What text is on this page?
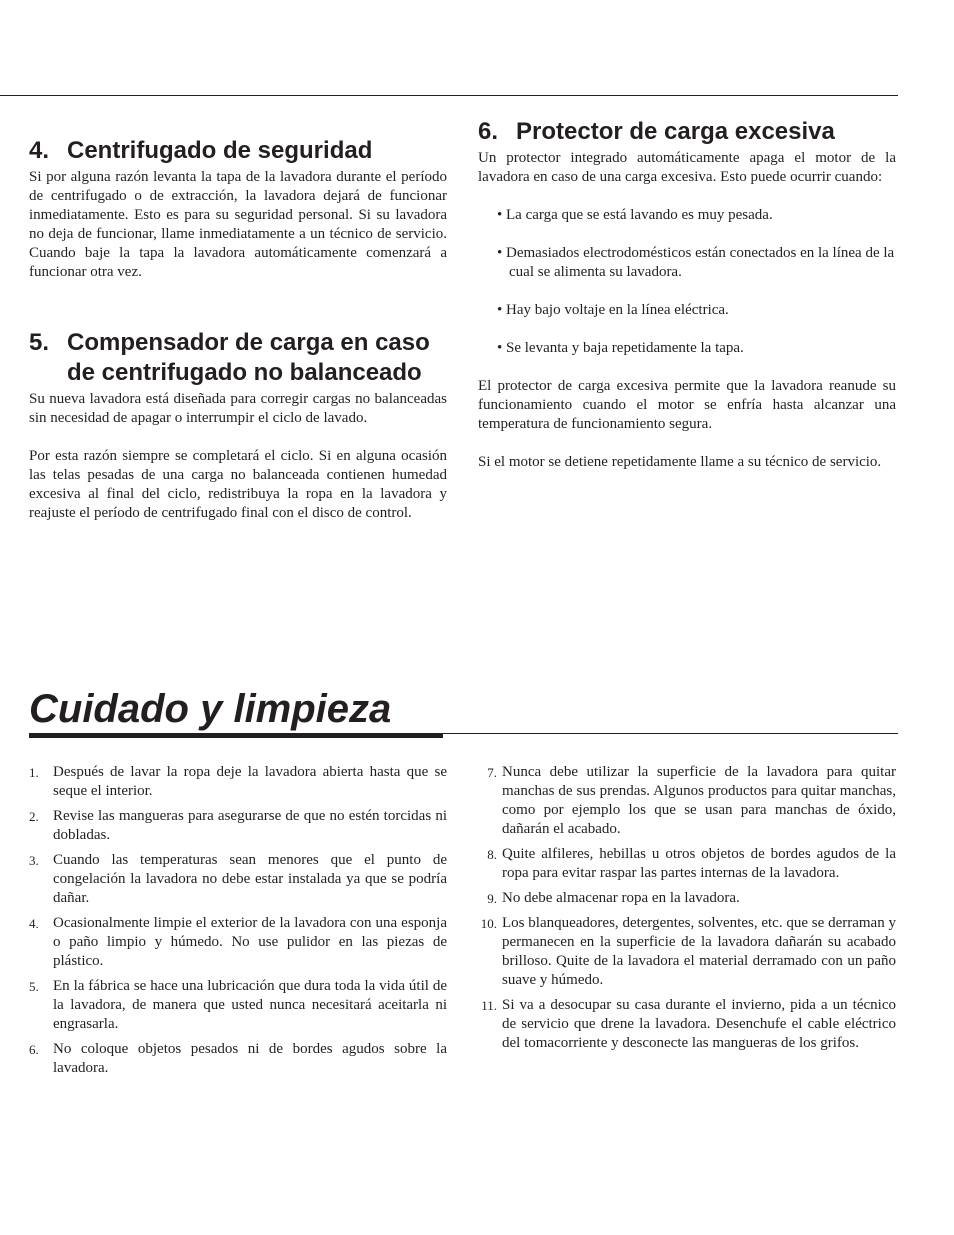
4. Centrifugado de seguridad

Si por alguna razón levanta la tapa de la lavadora durante el período de centrifugado o de extracción, la lavadora dejará de funcionar inmediatamente. Esto es para su seguridad personal. Si su lavadora no deja de funcionar, llame inmediatamente a un técnico de servicio. Cuando baje la tapa la lavadora automáticamente comenzará a funcionar otra vez.

5. Compensador de carga en caso de centrifugado no balanceado

Su nueva lavadora está diseñada para corregir cargas no balanceadas sin necesidad de apagar o interrumpir el ciclo de lavado.

Por esta razón siempre se completará el ciclo. Si en alguna ocasión las telas pesadas de una carga no balanceada contienen humedad excesiva al final del ciclo, redistribuya la ropa en la lavadora y reajuste el período de centrifugado final con el disco de control.

6. Protector de carga excesiva

Un protector integrado automáticamente apaga el motor de la lavadora en caso de una carga excesiva. Esto puede ocurrir cuando:

• La carga que se está lavando es muy pesada.

• Demasiados electrodomésticos están conectados en la línea de la cual se alimenta su lavadora.

• Hay bajo voltaje en la línea eléctrica.

• Se levanta y baja repetidamente la tapa.

El protector de carga excesiva permite que la lavadora reanude su funcionamiento cuando el motor se enfría hasta alcanzar una temperatura de funcionamiento segura.

Si el motor se detiene repetidamente llame a su técnico de servicio.

Cuidado y limpieza
1. Después de lavar la ropa deje la lavadora abierta hasta que se seque el interior.
2. Revise las mangueras para asegurarse de que no estén torcidas ni dobladas.
3. Cuando las temperaturas sean menores que el punto de congelación la lavadora no debe estar instalada ya que se podría dañar.
4. Ocasionalmente limpie el exterior de la lavadora con una esponja o paño limpio y húmedo. No use pulidor en las piezas de plástico.
5. En la fábrica se hace una lubricación que dura toda la vida útil de la lavadora, de manera que usted nunca necesitará aceitarla ni engrasarla.
6. No coloque objetos pesados ni de bordes agudos sobre la lavadora.
7. Nunca debe utilizar la superficie de la lavadora para quitar manchas de sus prendas. Algunos productos para quitar manchas, como por ejemplo los que se usan para manchas de óxido, dañarán el acabado.
8. Quite alfileres, hebillas u otros objetos de bordes agudos de la ropa para evitar raspar las partes internas de la lavadora.
9. No debe almacenar ropa en la lavadora.
10. Los blanqueadores, detergentes, solventes, etc. que se derraman y permanecen en la superficie de la lavadora dañarán su acabado brilloso. Quite de la lavadora el material derramado con un paño suave y húmedo.
11. Si va a desocupar su casa durante el invierno, pida a un técnico de servicio que drene la lavadora. Desenchufe el cable eléctrico del tomacorriente y desconecte las mangueras de los grifos.
